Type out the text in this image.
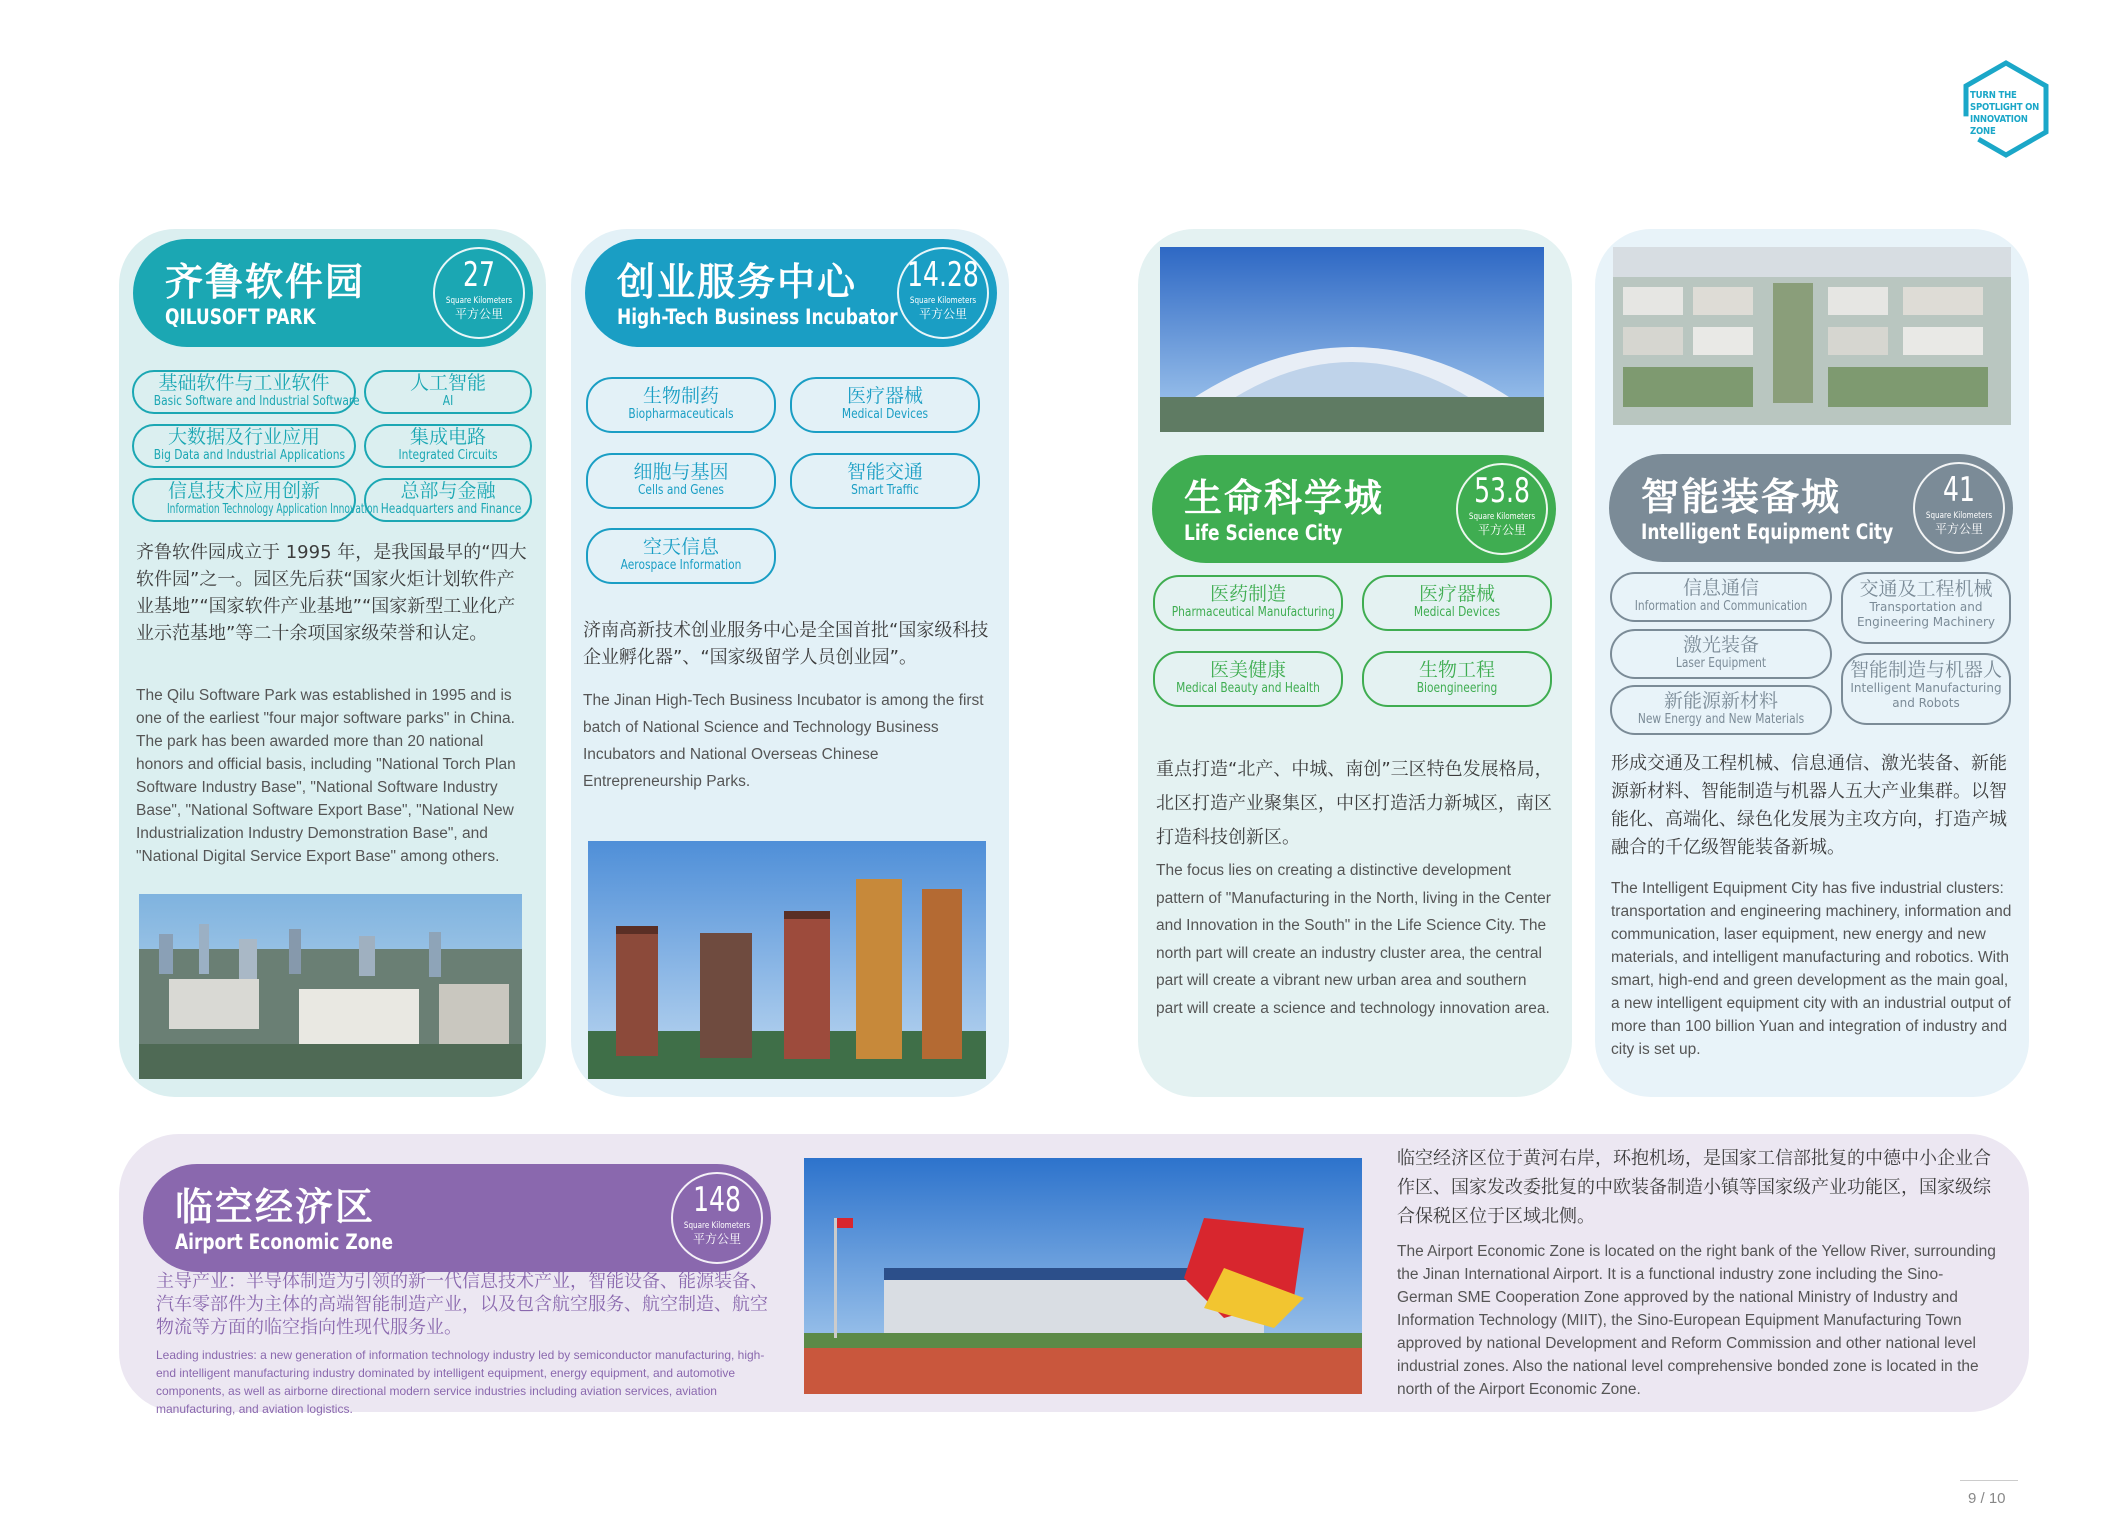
TURN THE SPOTLIGHT ON INNOVATION ZONE
齐鲁软件园
QILUSOFT PARK
27
Square Kilometers
平方公里
基础软件与工业软件
Basic Software and Industrial Software
人工智能
AI
大数据及行业应用
Big Data and Industrial Applications
集成电路
Integrated Circuits
信息技术应用创新
Information Technology Application Innovation
总部与金融
Headquarters and Finance
齐鲁软件园成立于 1995 年，是我国最早的“四大软件园”之一。园区先后获“国家火炬计划软件产业基地”“国家软件产业基地”“国家新型工业化产业示范基地”等二十余项国家级荣誉和认定。
The Qilu Software Park was established in 1995 and is one of the earliest "four major software parks" in China. The park has been awarded more than 20 national honors and official basis, including "National Torch Plan Software Industry Base", "National Software Industry Base", "National Software Export Base", "National New Industrialization Industry Demonstration Base", and "National Digital Service Export Base" among others.
创业服务中心
High-Tech Business Incubator
14.28
Square Kilometers
平方公里
生物制药
Biopharmaceuticals
医疗器械
Medical Devices
细胞与基因
Cells and Genes
智能交通
Smart Traffic
空天信息
Aerospace Information
济南高新技术创业服务中心是全国首批“国家级科技企业孵化器”、“国家级留学人员创业园”。
The Jinan High-Tech Business Incubator is among the first batch of National Science and Technology Business Incubators and National Overseas Chinese Entrepreneurship Parks.
生命科学城
Life Science City
53.8
Square Kilometers
平方公里
医药制造
Pharmaceutical Manufacturing
医疗器械
Medical Devices
医美健康
Medical Beauty and Health
生物工程
Bioengineering
重点打造“北产、中城、南创”三区特色发展格局，北区打造产业聚集区，中区打造活力新城区，南区打造科技创新区。
The focus lies on creating a distinctive development pattern of "Manufacturing in the North, living in the Center and Innovation in the South" in the Life Science City. The north part will create an industry cluster area, the central part will create a vibrant new urban area and southern part will create a science and technology innovation area.
智能装备城
Intelligent Equipment City
41
Square Kilometers
平方公里
信息通信
Information and Communication
交通及工程机械
Transportation and Engineering Machinery
激光装备
Laser Equipment	智能制造与机器人
Intelligent Manufacturing and Robots
新能源新材料
New Energy and New Materials
形成交通及工程机械、信息通信、激光装备、新能源新材料、智能制造与机器人五大产业集群。以智能化、高端化、绿色化发展为主攻方向，打造产城融合的千亿级智能装备新城。
The Intelligent Equipment City has five industrial clusters: transportation and engineering machinery, information and communication, laser equipment, new energy and new materials, and intelligent manufacturing and robotics. With smart, high-end and green development as the main goal, a new intelligent equipment city with an industrial output of more than 100 billion Yuan and integration of industry and city is set up.
临空经济区
Airport Economic Zone
148
Square Kilometers
平方公里
主导产业：半导体制造为引领的新一代信息技术产业，智能设备、能源装备、汽车零部件为主体的高端智能制造产业，以及包含航空服务、航空制造、航空物流等方面的临空指向性现代服务业。
Leading industries: a new generation of information technology industry led by semiconductor manufacturing, high-end intelligent manufacturing industry dominated by intelligent equipment, energy equipment, and automotive components, as well as airborne directional modern service industries including aviation services, aviation manufacturing, and aviation logistics.
临空经济区位于黄河右岸，环抱机场，是国家工信部批复的中德中小企业合作区、国家发改委批复的中欧装备制造小镇等国家级产业功能区，国家级综合保税区位于区域北侧。
The Airport Economic Zone is located on the right bank of the Yellow River, surrounding the Jinan International Airport. It is a functional industry zone including the Sino-German SME Cooperation Zone approved by the national Ministry of Industry and Information Technology (MIIT), the Sino-European Equipment Manufacturing Town approved by national Development and Reform Commission and other national level industrial zones. Also the national level comprehensive bonded zone is located in the north of the Airport Economic Zone.
9 / 10
